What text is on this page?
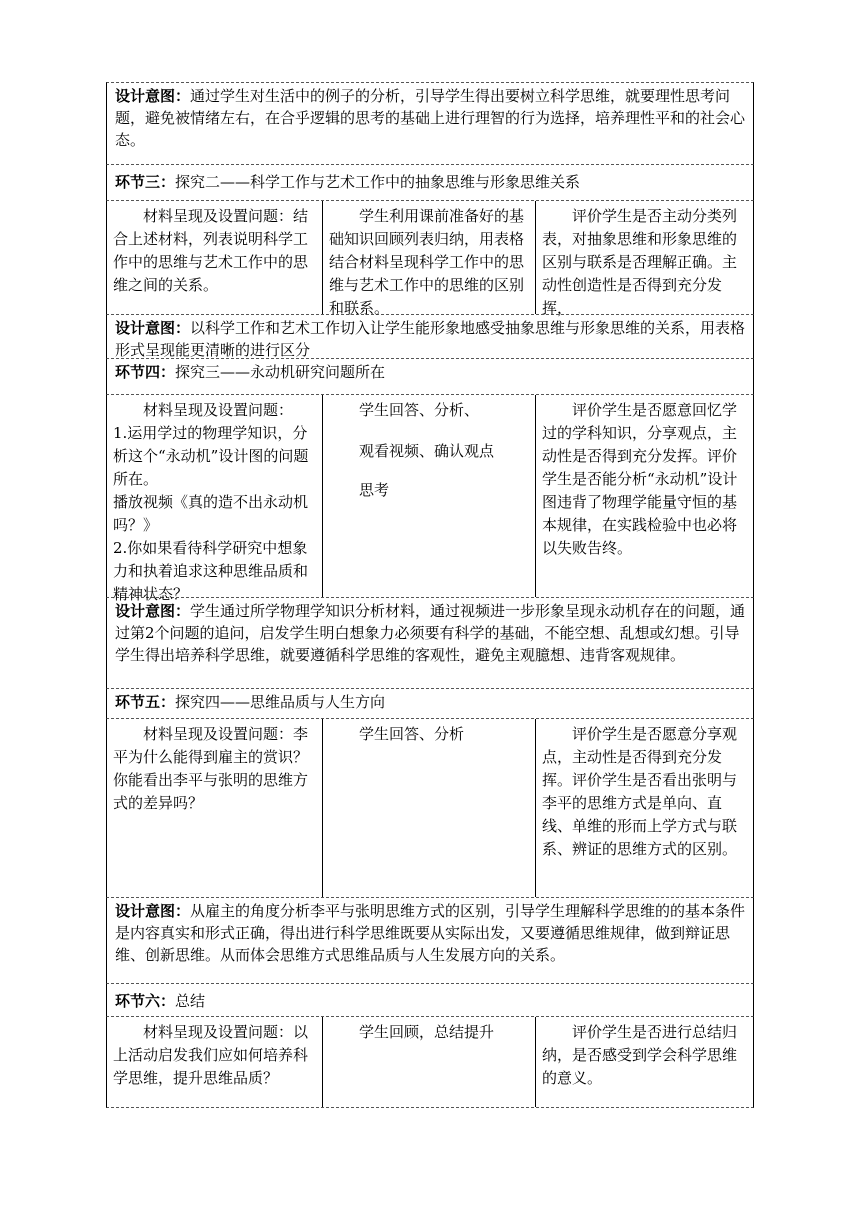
设计意图：通过学生对生活中的例子的分析，引导学生得出要树立科学思维，就要理性思考问题，避免被情绪左右，在合乎逻辑的思考的基础上进行理智的行为选择，培养理性平和的社会心态。
环节三：探究二——科学工作与艺术工作中的抽象思维与形象思维关系
材料呈现及设置问题：结合上述材料，列表说明科学工作中的思维与艺术工作中的思维之间的关系。
学生利用课前准备好的基础知识回顾列表归纳，用表格结合材料呈现科学工作中的思维与艺术工作中的思维的区别和联系。
评价学生是否主动分类列表，对抽象思维和形象思维的区别与联系是否理解正确。主动性创造性是否得到充分发挥，
设计意图：以科学工作和艺术工作切入让学生能形象地感受抽象思维与形象思维的关系，用表格形式呈现能更清晰的进行区分
环节四：探究三——永动机研究问题所在
材料呈现及设置问题：
1.运用学过的物理学知识，分析这个“永动机”设计图的问题所在。
播放视频《真的造不出永动机吗？》
2.你如果看待科学研究中想象力和执着追求这种思维品质和精神状态？
学生回答、分析、
观看视频、确认观点
思考
评价学生是否愿意回忆学过的学科知识，分享观点，主动性是否得到充分发挥。评价学生是否能分析“永动机”设计图违背了物理学能量守恒的基本规律，在实践检验中也必将以失败告终。
设计意图：学生通过所学物理学知识分析材料，通过视频进一步形象呈现永动机存在的问题，通过第2个问题的追问，启发学生明白想象力必须要有科学的基础，不能空想、乱想或幻想。引导学生得出培养科学思维，就要遵循科学思维的客观性，避免主观臆想、违背客观规律。
环节五：探究四——思维品质与人生方向
材料呈现及设置问题：李平为什么能得到雇主的赏识？你能看出李平与张明的思维方式的差异吗？
学生回答、分析	评价学生是否愿意分享观点，主动性是否得到充分发挥。评价学生是否看出张明与李平的思维方式是单向、直线、单维的形而上学方式与联系、辨证的思维方式的区别。
设计意图：从雇主的角度分析李平与张明思维方式的区别，引导学生理解科学思维的的基本条件是内容真实和形式正确，得出进行科学思维既要从实际出发，又要遵循思维规律，做到辩证思维、创新思维。从而体会思维方式思维品质与人生发展方向的关系。
环节六：总结
材料呈现及设置问题：以上活动启发我们应如何培养科学思维，提升思维品质？
学生回顾，总结提升	评价学生是否进行总结归纳，是否感受到学会科学思维的意义。
